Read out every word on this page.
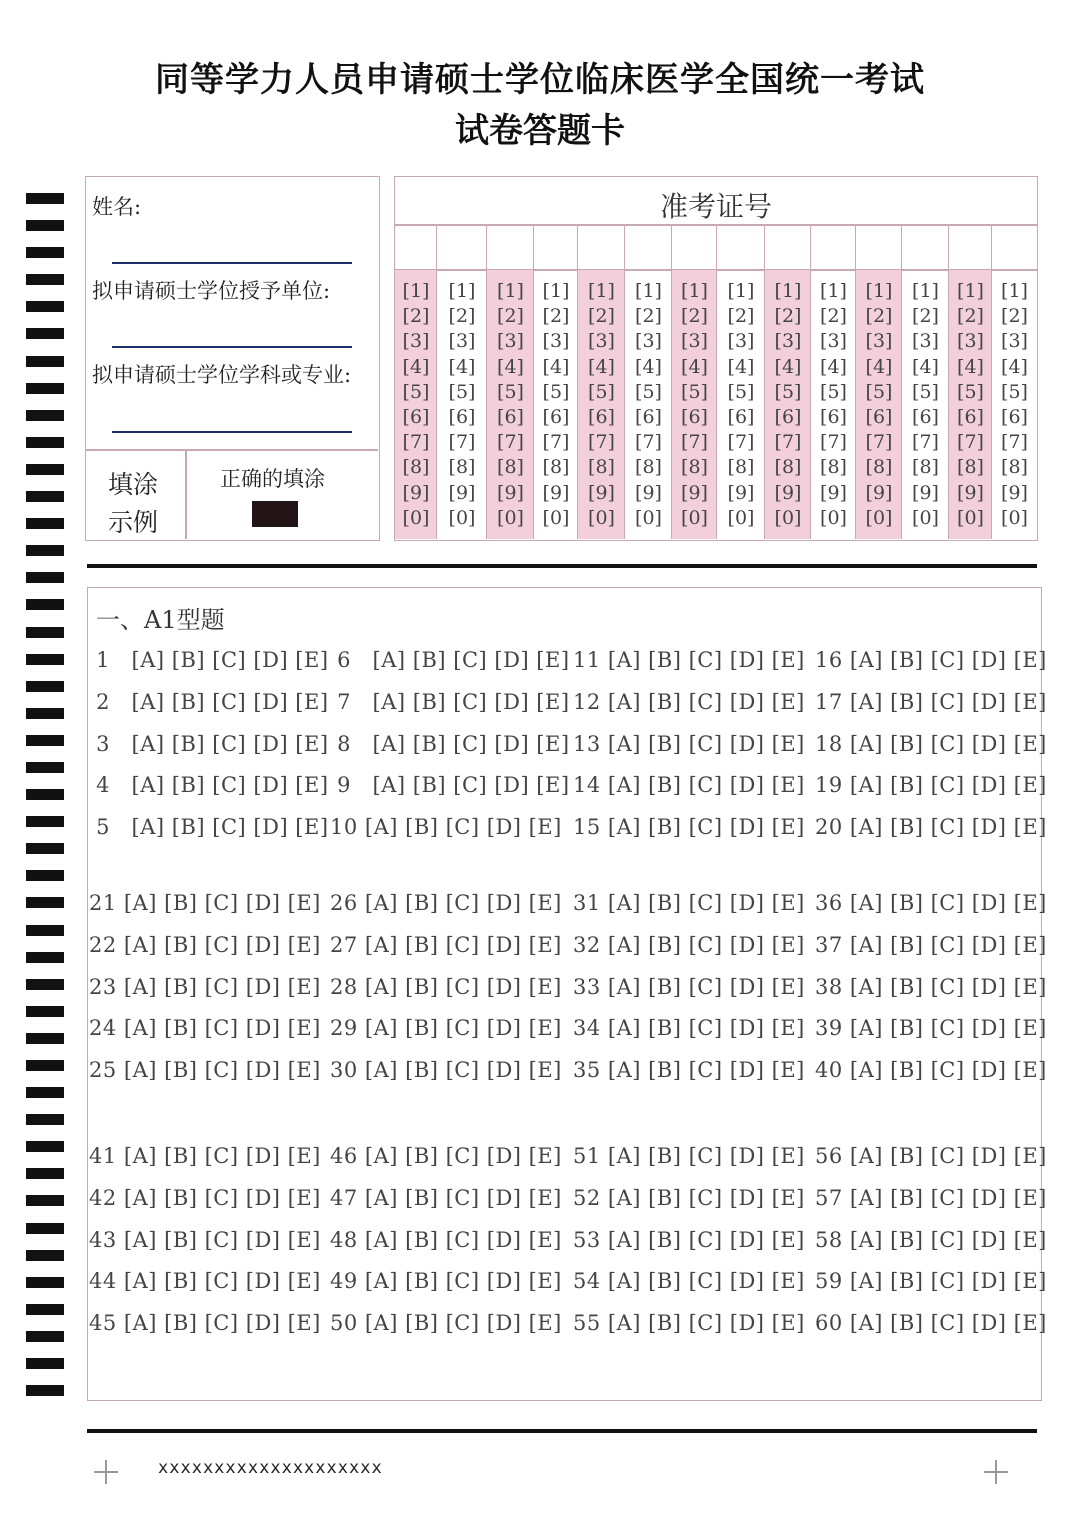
同等学力人员申请硕士学位临床医学全国统一考试
试卷答题卡
姓名:
拟申请硕士学位授予单位:
拟申请硕士学位学科或专业:
填涂
示例
正确的填涂
准考证号
[1]
[2]
[3]
[4]
[5]
[6]
[7]
[8]
[9]
[0]
[1]
[2]
[3]
[4]
[5]
[6]
[7]
[8]
[9]
[0]
[1]
[2]
[3]
[4]
[5]
[6]
[7]
[8]
[9]
[0]
[1]
[2]
[3]
[4]
[5]
[6]
[7]
[8]
[9]
[0]
[1]
[2]
[3]
[4]
[5]
[6]
[7]
[8]
[9]
[0]
[1]
[2]
[3]
[4]
[5]
[6]
[7]
[8]
[9]
[0]
[1]
[2]
[3]
[4]
[5]
[6]
[7]
[8]
[9]
[0]
[1]
[2]
[3]
[4]
[5]
[6]
[7]
[8]
[9]
[0]
[1]
[2]
[3]
[4]
[5]
[6]
[7]
[8]
[9]
[0]
[1]
[2]
[3]
[4]
[5]
[6]
[7]
[8]
[9]
[0]
[1]
[2]
[3]
[4]
[5]
[6]
[7]
[8]
[9]
[0]
[1]
[2]
[3]
[4]
[5]
[6]
[7]
[8]
[9]
[0]
[1]
[2]
[3]
[4]
[5]
[6]
[7]
[8]
[9]
[0]
[1]
[2]
[3]
[4]
[5]
[6]
[7]
[8]
[9]
[0]
一、A1型题
1   [A] [B] [C] [D] [E] 6   [A] [B] [C] [D] [E] 11 [A] [B] [C] [D] [E] 16 [A] [B] [C] [D] [E]
2   [A] [B] [C] [D] [E] 7   [A] [B] [C] [D] [E] 12 [A] [B] [C] [D] [E] 17 [A] [B] [C] [D] [E]
3   [A] [B] [C] [D] [E] 8   [A] [B] [C] [D] [E] 13 [A] [B] [C] [D] [E] 18 [A] [B] [C] [D] [E]
4   [A] [B] [C] [D] [E] 9   [A] [B] [C] [D] [E] 14 [A] [B] [C] [D] [E] 19 [A] [B] [C] [D] [E]
5   [A] [B] [C] [D] [E] 10 [A] [B] [C] [D] [E] 15 [A] [B] [C] [D] [E] 20 [A] [B] [C] [D] [E]
21 [A] [B] [C] [D] [E] 26 [A] [B] [C] [D] [E] 31 [A] [B] [C] [D] [E] 36 [A] [B] [C] [D] [E]
22 [A] [B] [C] [D] [E] 27 [A] [B] [C] [D] [E] 32 [A] [B] [C] [D] [E] 37 [A] [B] [C] [D] [E]
23 [A] [B] [C] [D] [E] 28 [A] [B] [C] [D] [E] 33 [A] [B] [C] [D] [E] 38 [A] [B] [C] [D] [E]
24 [A] [B] [C] [D] [E] 29 [A] [B] [C] [D] [E] 34 [A] [B] [C] [D] [E] 39 [A] [B] [C] [D] [E]
25 [A] [B] [C] [D] [E] 30 [A] [B] [C] [D] [E] 35 [A] [B] [C] [D] [E] 40 [A] [B] [C] [D] [E]
41 [A] [B] [C] [D] [E] 46 [A] [B] [C] [D] [E] 51 [A] [B] [C] [D] [E] 56 [A] [B] [C] [D] [E]
42 [A] [B] [C] [D] [E] 47 [A] [B] [C] [D] [E] 52 [A] [B] [C] [D] [E] 57 [A] [B] [C] [D] [E]
43 [A] [B] [C] [D] [E] 48 [A] [B] [C] [D] [E] 53 [A] [B] [C] [D] [E] 58 [A] [B] [C] [D] [E]
44 [A] [B] [C] [D] [E] 49 [A] [B] [C] [D] [E] 54 [A] [B] [C] [D] [E] 59 [A] [B] [C] [D] [E]
45 [A] [B] [C] [D] [E] 50 [A] [B] [C] [D] [E] 55 [A] [B] [C] [D] [E] 60 [A] [B] [C] [D] [E]
xxxxxxxxxxxxxxxxxxxx
